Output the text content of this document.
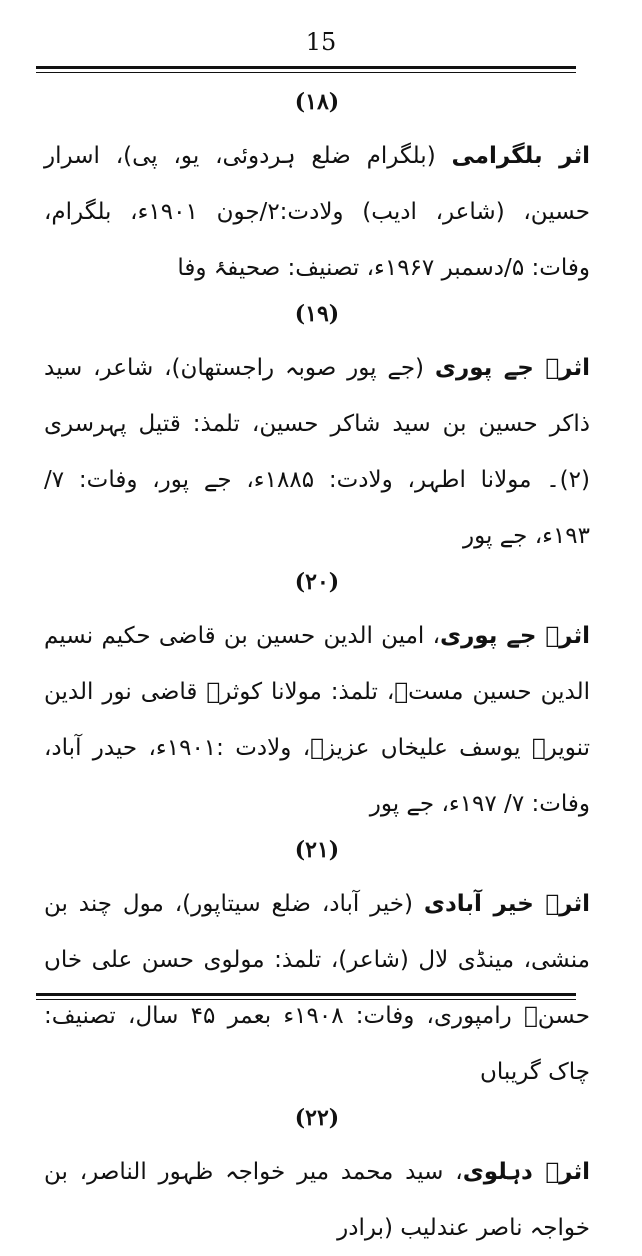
15
(۱۸)

اثر بلگرامی (بلگرام ضلع ہردوئی، یو، پی)، اسرار حسین، (شاعر، ادیب) ولادت:۲/جون ۱۹۰۱ء، بلگرام، وفات: ۵/دسمبر ۱۹۶۷ء، تصنیف: صحیفۂ وفا

(۱۹)

اثرؔ جے پوری (جے پور صوبہ راجستھان)، شاعر، سید ذاکر حسین بن سید شاکر حسین، تلمذ: قتیل پہرسری (۲)۔ مولانا اطہر، ولادت: ۱۸۸۵ء، جے پور، وفات: ۷/ ۱۹۳ء، جے پور

(۲۰)

اثرؔ جے پوری، امین الدین حسین بن قاضی حکیم نسیم الدین حسین مستؔ، تلمذ: مولانا کوثر۔ قاضی نور الدین تنویر۔ یوسف علیخاں عزیزؔ، ولادت :۱۹۰۱ء، حیدر آباد، وفات: ۷/ ۱۹۷ء، جے پور

(۲۱)

اثرؔ خیر آبادی (خیر آباد، ضلع سیتاپور)، مول چند بن منشی، مینڈی لال (شاعر)، تلمذ: مولوی حسن علی خاں حسنؔ رامپوری، وفات: ۱۹۰۸ء بعمر ۴۵ سال، تصنیف: چاک گریباں

(۲۲)

اثرؔ دہلوی، سید محمد میر خواجہ ظہور الناصر، بن خواجہ ناصر عندلیب (برادر
